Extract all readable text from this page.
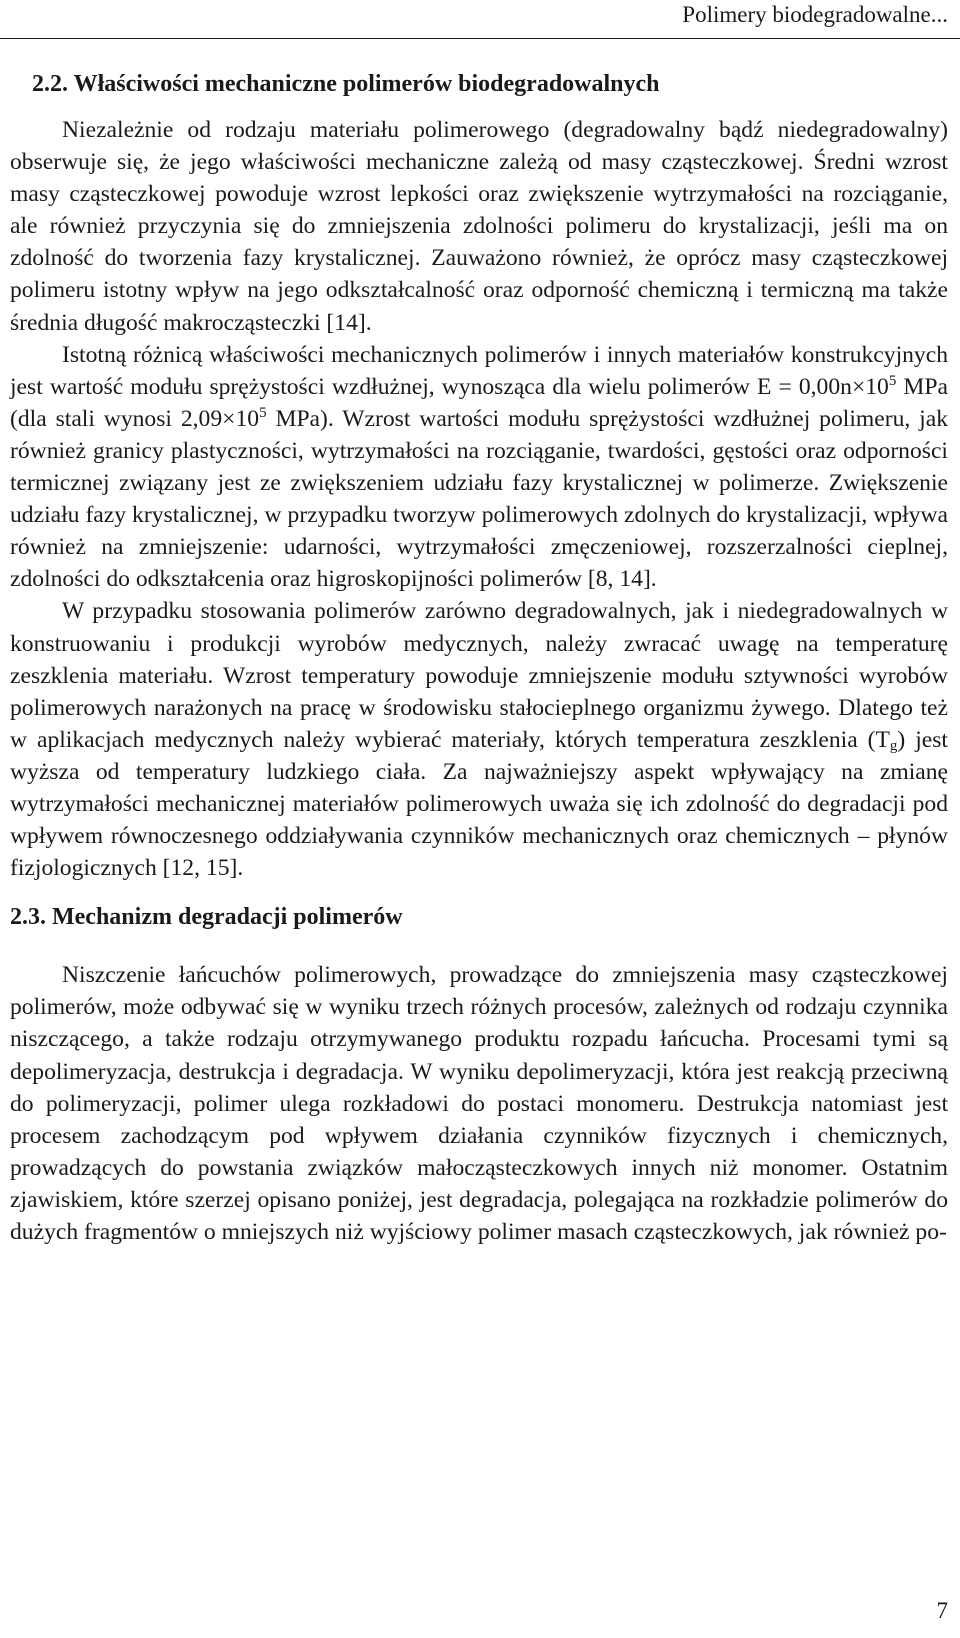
Polimery biodegradowalne...
2.2. Właściwości mechaniczne polimerów biodegradowalnych

Niezależnie od rodzaju materiału polimerowego (degradowalny bądź niedegradowalny) obserwuje się, że jego właściwości mechaniczne zależą od masy cząsteczkowej. Średni wzrost masy cząsteczkowej powoduje wzrost lepkości oraz zwiększenie wytrzymałości na rozciąganie, ale również przyczynia się do zmniejszenia zdolności polimeru do krystalizacji, jeśli ma on zdolność do tworzenia fazy krystalicznej. Zauważono również, że oprócz masy cząsteczkowej polimeru istotny wpływ na jego odkształcalność oraz odporność chemiczną i termiczną ma także średnia długość makrocząsteczki [14].

Istotną różnicą właściwości mechanicznych polimerów i innych materiałów konstrukcyjnych jest wartość modułu sprężystości wzdłużnej, wynosząca dla wielu polimerów $E = 0,00n\times 10^5$ MPa (dla stali wynosi $2,09\times 10^5$ MPa). Wzrost wartości modułu sprężystości wzdłużnej polimeru, jak również granicy plastyczności, wytrzymałości na rozciąganie, twardości, gęstości oraz odporności termicznej związany jest ze zwiększeniem udziału fazy krystalicznej w polimerze. Zwiększenie udziału fazy krystalicznej, w przypadku tworzyw polimerowych zdolnych do krystalizacji, wpływa również na zmniejszenie: udarności, wytrzymałości zmęczeniowej, rozszerzalności cieplnej, zdolności do odkształcenia oraz higroskopijności polimerów [8, 14].

W przypadku stosowania polimerów zarówno degradowalnych, jak i niedegradowalnych w konstruowaniu i produkcji wyrobów medycznych, należy zwracać uwagę na temperaturę zeszklenia materiału. Wzrost temperatury powoduje zmniejszenie modułu sztywności wyrobów polimerowych narażonych na pracę w środowisku stałocieplnego organizmu żywego. Dlatego też w aplikacjach medycznych należy wybierać materiały, których temperatura zeszklenia $(T_g)$ jest wyższa od temperatury ludzkiego ciała. Za najważniejszy aspekt wpływający na zmianę wytrzymałości mechanicznej materiałów polimerowych uważa się ich zdolność do degradacji pod wpływem równoczesnego oddziaływania czynników mechanicznych oraz chemicznych – płynów fizjologicznych [12, 15].

2.3. Mechanizm degradacji polimerów

Niszczenie łańcuchów polimerowych, prowadzące do zmniejszenia masy cząsteczkowej polimerów, może odbywać się w wyniku trzech różnych procesów, zależnych od rodzaju czynnika niszczącego, a także rodzaju otrzymywanego produktu rozpadu łańcucha. Procesami tymi są depolimeryzacja, destrukcja i degradacja. W wyniku depolimeryzacji, która jest reakcją przeciwną do polimeryzacji, polimer ulega rozkładowi do postaci monomeru. Destrukcja natomiast jest procesem zachodzącym pod wpływem działania czynników fizycznych i chemicznych, prowadzących do powstania związków małocząsteczkowych innych niż monomer. Ostatnim zjawiskiem, które szerzej opisano poniżej, jest degradacja, polegająca na rozkładzie polimerów do dużych fragmentów o mniejszych niż wyjściowy polimer masach cząsteczkowych, jak również po-

7
